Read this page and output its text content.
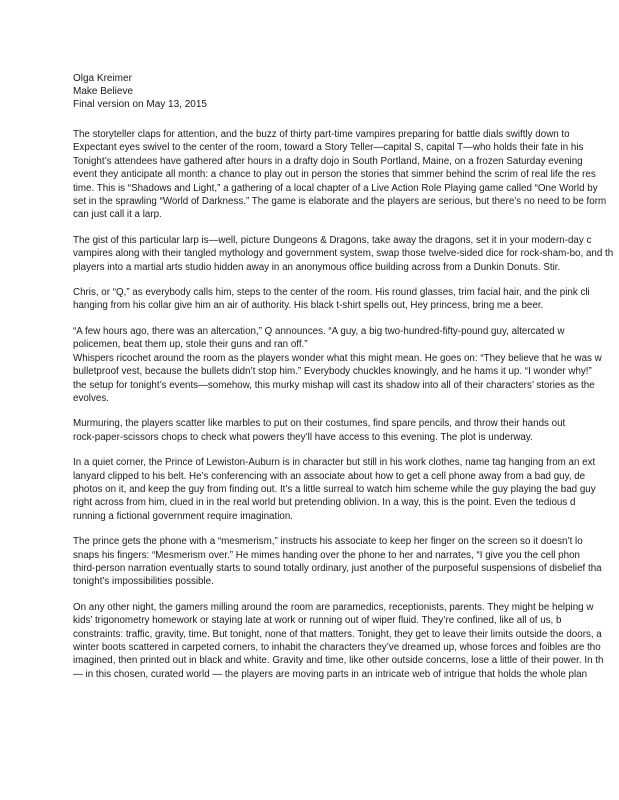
Olga Kreimer
Make Believe
Final version on May 13, 2015
The storyteller claps for attention, and the buzz of thirty part-time vampires preparing for battle dials swiftly down to
Expectant eyes swivel to the center of the room, toward a Story Teller—capital S, capital T—who holds their fate in his
Tonight’s attendees have gathered after hours in a drafty dojo in South Portland, Maine, on a frozen Saturday evening
event they anticipate all month: a chance to play out in person the stories that simmer behind the scrim of real life the res
time. This is “Shadows and Light,” a gathering of a local chapter of a Live Action Role Playing game called “One World by
set in the sprawling “World of Darkness.” The game is elaborate and the players are serious, but there’s no need to be form
can just call it a larp.
The gist of this particular larp is—well, picture Dungeons & Dragons, take away the dragons, set it in your modern-day c
vampires along with their tangled mythology and government system, swap those twelve-sided dice for rock-sham-bo, and th
players into a martial arts studio hidden away in an anonymous office building across from a Dunkin Donuts. Stir.
Chris, or “Q,” as everybody calls him, steps to the center of the room. His round glasses, trim facial hair, and the pink cli
hanging from his collar give him an air of authority. His black t-shirt spells out, Hey princess, bring me a beer.
“A few hours ago, there was an altercation,” Q announces. “A guy, a big two-hundred-fifty-pound guy, altercated w
policemen, beat them up, stole their guns and ran off.”
Whispers ricochet around the room as the players wonder what this might mean. He goes on: “They believe that he was w
bulletproof vest, because the bullets didn’t stop him.” Everybody chuckles knowingly, and he hams it up. “I wonder why!”
the setup for tonight’s events—somehow, this murky mishap will cast its shadow into all of their characters’ stories as the
evolves.
Murmuring, the players scatter like marbles to put on their costumes, find spare pencils, and throw their hands out
rock-paper-scissors chops to check what powers they’ll have access to this evening. The plot is underway.
In a quiet corner, the Prince of Lewiston-Auburn is in character but still in his work clothes, name tag hanging from an ext
lanyard clipped to his belt. He’s conferencing with an associate about how to get a cell phone away from a bad guy, de
photos on it, and keep the guy from finding out. It’s a little surreal to watch him scheme while the guy playing the bad guy
right across from him, clued in in the real world but pretending oblivion. In a way, this is the point. Even the tedious d
running a fictional government require imagination.
The prince gets the phone with a “mesmerism,” instructs his associate to keep her finger on the screen so it doesn’t lo
snaps his fingers: “Mesmerism over.” He mimes handing over the phone to her and narrates, “I give you the cell phon
third-person narration eventually starts to sound totally ordinary, just another of the purposeful suspensions of disbelief tha
tonight’s impossibilities possible.
On any other night, the gamers milling around the room are paramedics, receptionists, parents. They might be helping w
kids’ trigonometry homework or staying late at work or running out of wiper fluid. They’re confined, like all of us, b
constraints: traffic, gravity, time. But tonight, none of that matters. Tonight, they get to leave their limits outside the doors, a
winter boots scattered in carpeted corners, to inhabit the characters they’ve dreamed up, whose forces and foibles are tho
imagined, then printed out in black and white. Gravity and time, like other outside concerns, lose a little of their power. In th
— in this chosen, curated world — the players are moving parts in an intricate web of intrigue that holds the whole plan
